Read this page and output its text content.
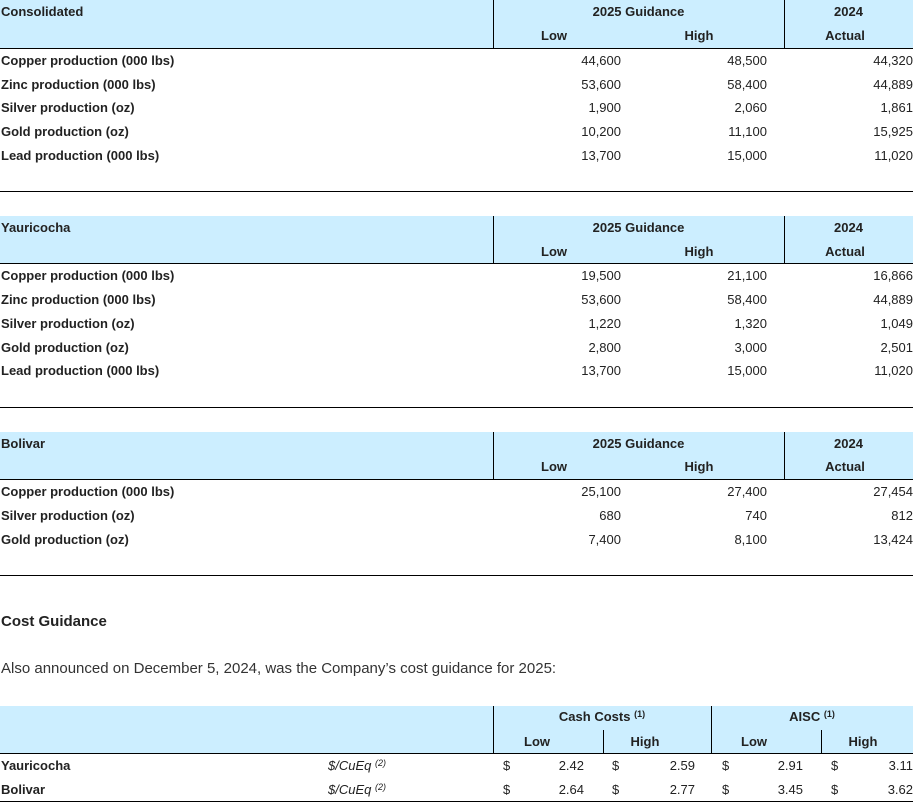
Consolidated	2025 Guidance	2024
Low	High	Actual
Copper production (000 lbs)	44,600	48,500	44,320
Zinc production (000 lbs)	53,600	58,400	44,889
Silver production (oz)	1,900	2,060	1,861
Gold production (oz)	10,200	11,100	15,925
Lead production (000 lbs)	13,700	15,000	11,020
Yauricocha	2025 Guidance	2024
Low	High	Actual
Copper production (000 lbs)	19,500	21,100	16,866
Zinc production (000 lbs)	53,600	58,400	44,889
Silver production (oz)	1,220	1,320	1,049
Gold production (oz)	2,800	3,000	2,501
Lead production (000 lbs)	13,700	15,000	11,020
Bolivar	2025 Guidance	2024
Low	High	Actual
Copper production (000 lbs)	25,100	27,400	27,454
Silver production (oz)	680	740	812
Gold production (oz)	7,400	8,100	13,424
Cost Guidance
Also announced on December 5, 2024, was the Company’s cost guidance for 2025:
Cash Costs $^{(1)}$	AISC $^{(1)}$
Low	High	Low	High
Yauricocha	$/CuEq $^{(2)}$	$	2.42 $	2.59 $	2.91 $	3.11
Bolivar	$/CuEq $^{(2)}$	$	2.64 $	2.77 $	3.45 $	3.62
